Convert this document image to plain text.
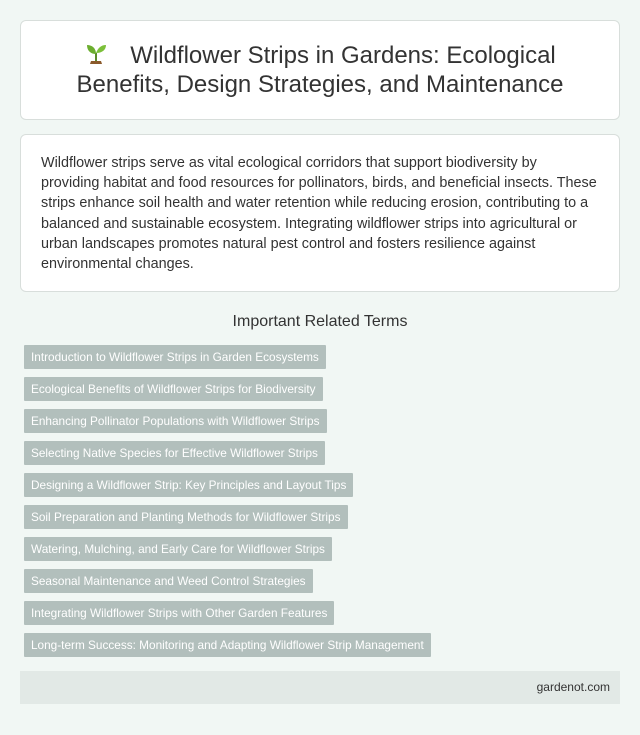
Wildflower Strips in Gardens: Ecological Benefits, Design Strategies, and Maintenance

Wildflower strips serve as vital ecological corridors that support biodiversity by providing habitat and food resources for pollinators, birds, and beneficial insects. These strips enhance soil health and water retention while reducing erosion, contributing to a balanced and sustainable ecosystem. Integrating wildflower strips into agricultural or urban landscapes promotes natural pest control and fosters resilience against environmental changes.

Important Related Terms
Introduction to Wildflower Strips in Garden Ecosystems
Ecological Benefits of Wildflower Strips for Biodiversity
Enhancing Pollinator Populations with Wildflower Strips
Selecting Native Species for Effective Wildflower Strips
Designing a Wildflower Strip: Key Principles and Layout Tips
Soil Preparation and Planting Methods for Wildflower Strips
Watering, Mulching, and Early Care for Wildflower Strips
Seasonal Maintenance and Weed Control Strategies
Integrating Wildflower Strips with Other Garden Features
Long-term Success: Monitoring and Adapting Wildflower Strip Management
gardenot.com
